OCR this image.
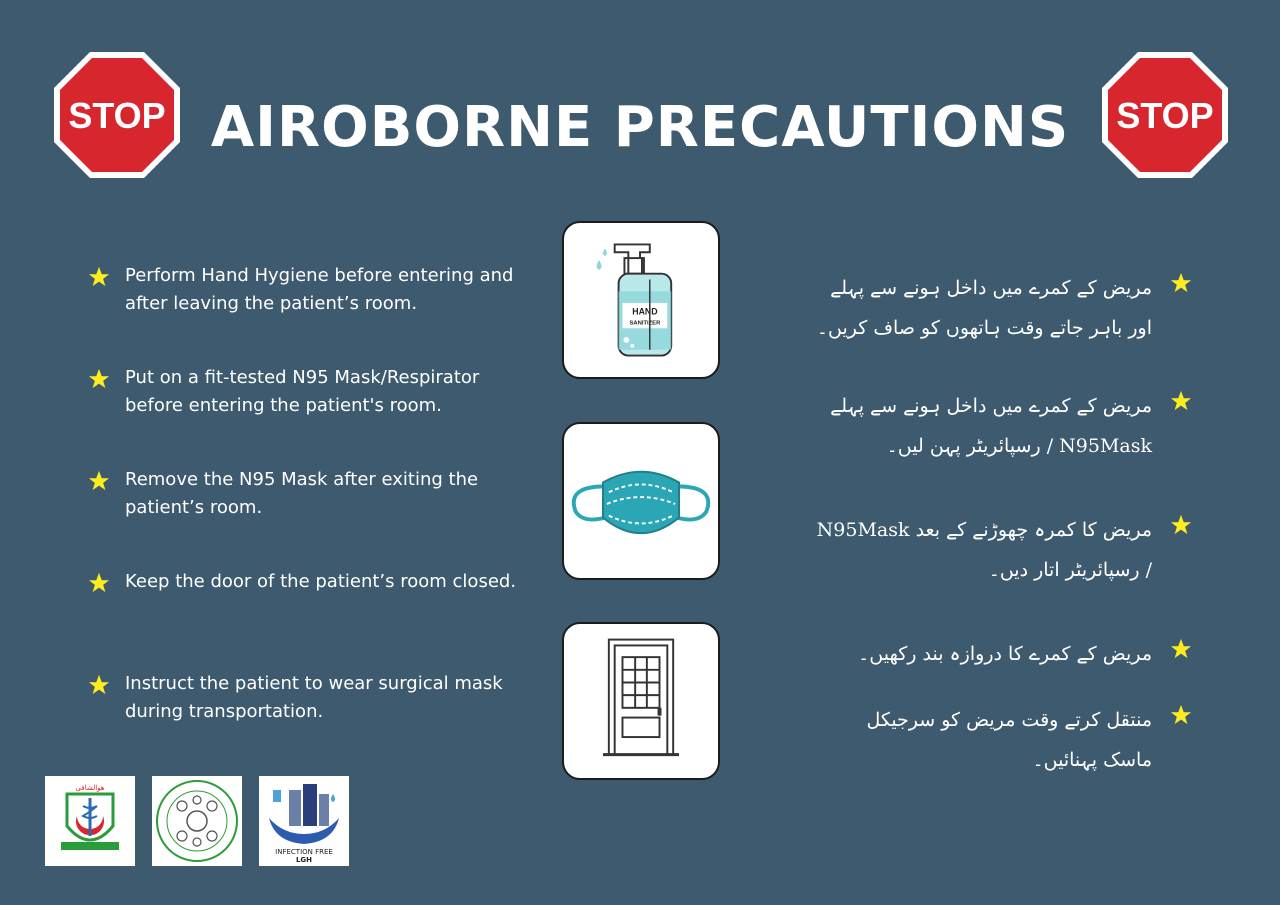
STOP	STOP
AIROBORNE PRECAUTIONS
Perform Hand Hygiene before entering and after leaving the patient’s room.
Put on a fit-tested N95 Mask/Respirator before entering the patient's room.
Remove the N95 Mask after exiting the patient’s room.
Keep the door of the patient’s room closed.
Instruct the patient to wear surgical mask during transportation.
HAND
SANITIZER
مریض کے کمرے میں داخل ہونے سے پہلے اور باہر جاتے وقت ہاتھوں کو صاف کریں۔
مریض کے کمرے میں داخل ہونے سے پہلے N95Mask / رسپائریٹر پہن لیں۔
مریض کا کمرہ چھوڑنے کے بعد N95Mask / رسپائریٹر اتار دیں۔
مریض کے کمرے کا دروازہ بند رکھیں۔
منتقل کرتے وقت مریض کو سرجیکل ماسک پہنائیں۔
ھوالشافی
INFECTION FREE
LGH
